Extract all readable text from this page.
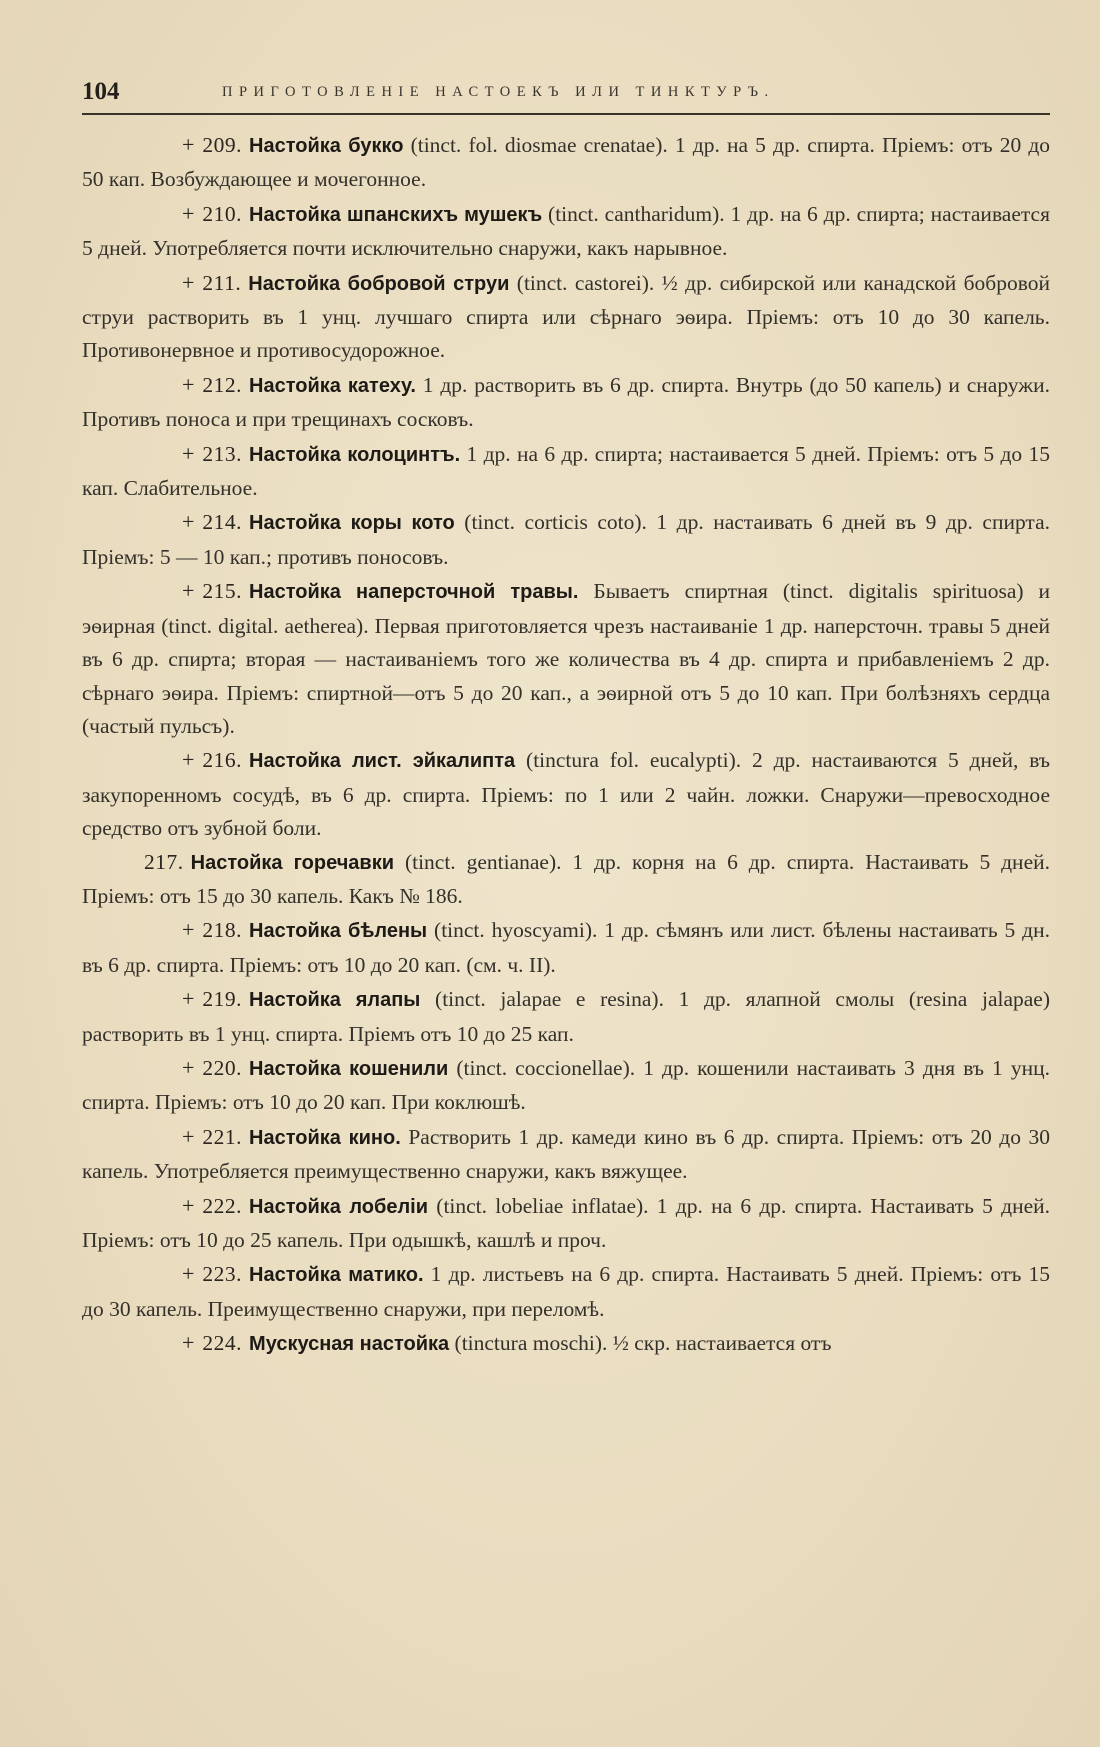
104	ПРИГОТОВЛЕНІЕ НАСТОЕКЪ ИЛИ ТИНКТУРЪ.

+ 209. Настойка букко (tinct. fol. diosmae crenatae). 1 др. на 5 др. спирта. Пріемъ: отъ 20 до 50 кап. Возбуждающее и мочегонное.

+ 210. Настойка шпанскихъ мушекъ (tinct. cantharidum). 1 др. на 6 др. спирта; настаивается 5 дней. Употребляется почти исключительно снаружи, какъ нарывное.

+ 211. Настойка бобровой струи (tinct. castorei). ½ др. сибирской или канадской бобровой струи растворить въ 1 унц. лучшаго спирта или сѣрнаго эѳира. Пріемъ: отъ 10 до 30 капель. Противонервное и противосудорожное.

+ 212. Настойка катеху. 1 др. растворить въ 6 др. спирта. Внутрь (до 50 капель) и снаружи. Противъ поноса и при трещинахъ сосковъ.

+ 213. Настойка колоцинтъ. 1 др. на 6 др. спирта; настаивается 5 дней. Пріемъ: отъ 5 до 15 кап. Слабительное.

+ 214. Настойка коры кото (tinct. corticis coto). 1 др. настаивать 6 дней въ 9 др. спирта. Пріемъ: 5 — 10 кап.; противъ поносовъ.

+ 215. Настойка наперсточной травы. Бываетъ спиртная (tinct. digitalis spirituosa) и эѳирная (tinct. digital. aetherea). Первая приготовляется чрезъ настаиваніе 1 др. наперсточн. травы 5 дней въ 6 др. спирта; вторая — настаиваніемъ того же количества въ 4 др. спирта и прибавленіемъ 2 др. сѣрнаго эѳира. Пріемъ: спиртной—отъ 5 до 20 кап., а эѳирной отъ 5 до 10 кап. При болѣзняхъ сердца (частый пульсъ).

+ 216. Настойка лист. эйкалипта (tinctura fol. eucalypti). 2 др. настаиваются 5 дней, въ закупоренномъ сосудѣ, въ 6 др. спирта. Пріемъ: по 1 или 2 чайн. ложки. Снаружи—превосходное средство отъ зубной боли.

217. Настойка горечавки (tinct. gentianae). 1 др. корня на 6 др. спирта. Настаивать 5 дней. Пріемъ: отъ 15 до 30 капель. Какъ № 186.

+ 218. Настойка бѣлены (tinct. hyoscyami). 1 др. сѣмянъ или лист. бѣлены настаивать 5 дн. въ 6 др. спирта. Пріемъ: отъ 10 до 20 кап. (см. ч. II).

+ 219. Настойка ялапы (tinct. jalapae e resina). 1 др. ялапной смолы (resina jalapae) растворить въ 1 унц. спирта. Пріемъ отъ 10 до 25 кап.

+ 220. Настойка кошенили (tinct. coccionellae). 1 др. кошенили настаивать 3 дня въ 1 унц. спирта. Пріемъ: отъ 10 до 20 кап. При коклюшѣ.

+ 221. Настойка кино. Растворить 1 др. камеди кино въ 6 др. спирта. Пріемъ: отъ 20 до 30 капель. Употребляется преимущественно снаружи, какъ вяжущее.

+ 222. Настойка лобеліи (tinct. lobeliae inflatae). 1 др. на 6 др. спирта. Настаивать 5 дней. Пріемъ: отъ 10 до 25 капель. При одышкѣ, кашлѣ и проч.

+ 223. Настойка матико. 1 др. листьевъ на 6 др. спирта. Настаивать 5 дней. Пріемъ: отъ 15 до 30 капель. Преимущественно снаружи, при переломѣ.

+ 224. Мускусная настойка (tinctura moschi). ½ скр. настаивается отъ
